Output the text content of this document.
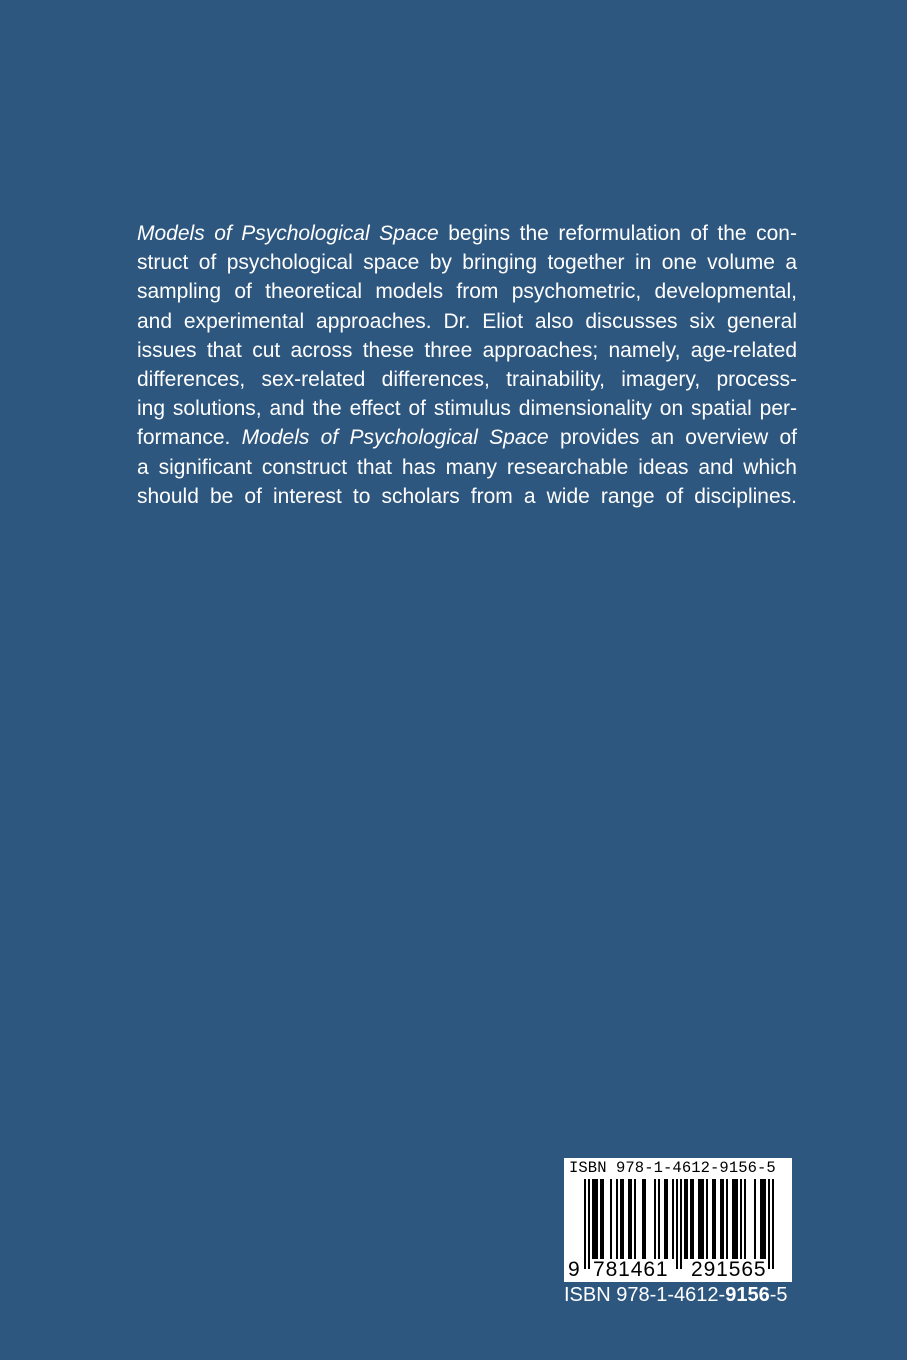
Models of Psychological Space begins the reformulation of the con-
struct of psychological space by bringing together in one volume a
sampling of theoretical models from psychometric, developmental,
and experimental approaches. Dr. Eliot also discusses six general
issues that cut across these three approaches; namely, age-related
differences, sex-related differences, trainability, imagery, process-
ing solutions, and the effect of stimulus dimensionality on spatial per-
formance. Models of Psychological Space provides an overview of
a significant construct that has many researchable ideas and which
should be of interest to scholars from a wide range of disciplines.
ISBN 978-1-4612-9156-5
9 781461 291565
ISBN 978-1-4612-9156-5
